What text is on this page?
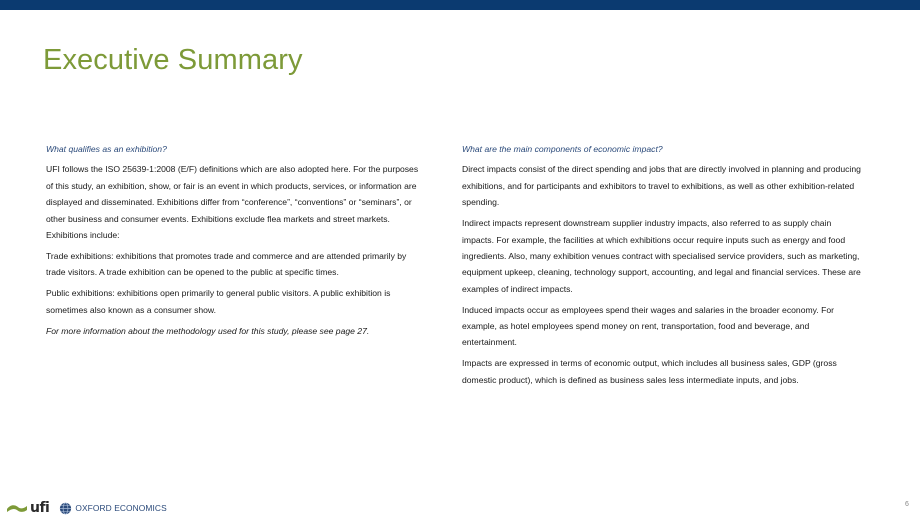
Executive Summary
What qualifies as an exhibition?

UFI follows the ISO 25639-1:2008 (E/F) definitions which are also adopted here. For the purposes of this study, an exhibition, show, or fair is an event in which products, services, or information are displayed and disseminated. Exhibitions differ from “conference”, “conventions” or “seminars”, or other business and consumer events. Exhibitions exclude flea markets and street markets. Exhibitions include:

Trade exhibitions: exhibitions that promotes trade and commerce and are attended primarily by trade visitors. A trade exhibition can be opened to the public at specific times.

Public exhibitions: exhibitions open primarily to general public visitors. A public exhibition is sometimes also known as a consumer show.

For more information about the methodology used for this study, please see page 27.

What are the main components of economic impact?

Direct impacts consist of the direct spending and jobs that are directly involved in planning and producing exhibitions, and for participants and exhibitors to travel to exhibitions, as well as other exhibition-related spending.

Indirect impacts represent downstream supplier industry impacts, also referred to as supply chain impacts. For example, the facilities at which exhibitions occur require inputs such as energy and food ingredients. Also, many exhibition venues contract with specialised service providers, such as marketing, equipment upkeep, cleaning, technology support, accounting, and legal and financial services. These are examples of indirect impacts.

Induced impacts occur as employees spend their wages and salaries in the broader economy. For example, as hotel employees spend money on rent, transportation, food and beverage, and entertainment.

Impacts are expressed in terms of economic output, which includes all business sales, GDP (gross domestic product), which is defined as business sales less intermediate inputs, and jobs.

ufi	OXFORD ECONOMICS	6
